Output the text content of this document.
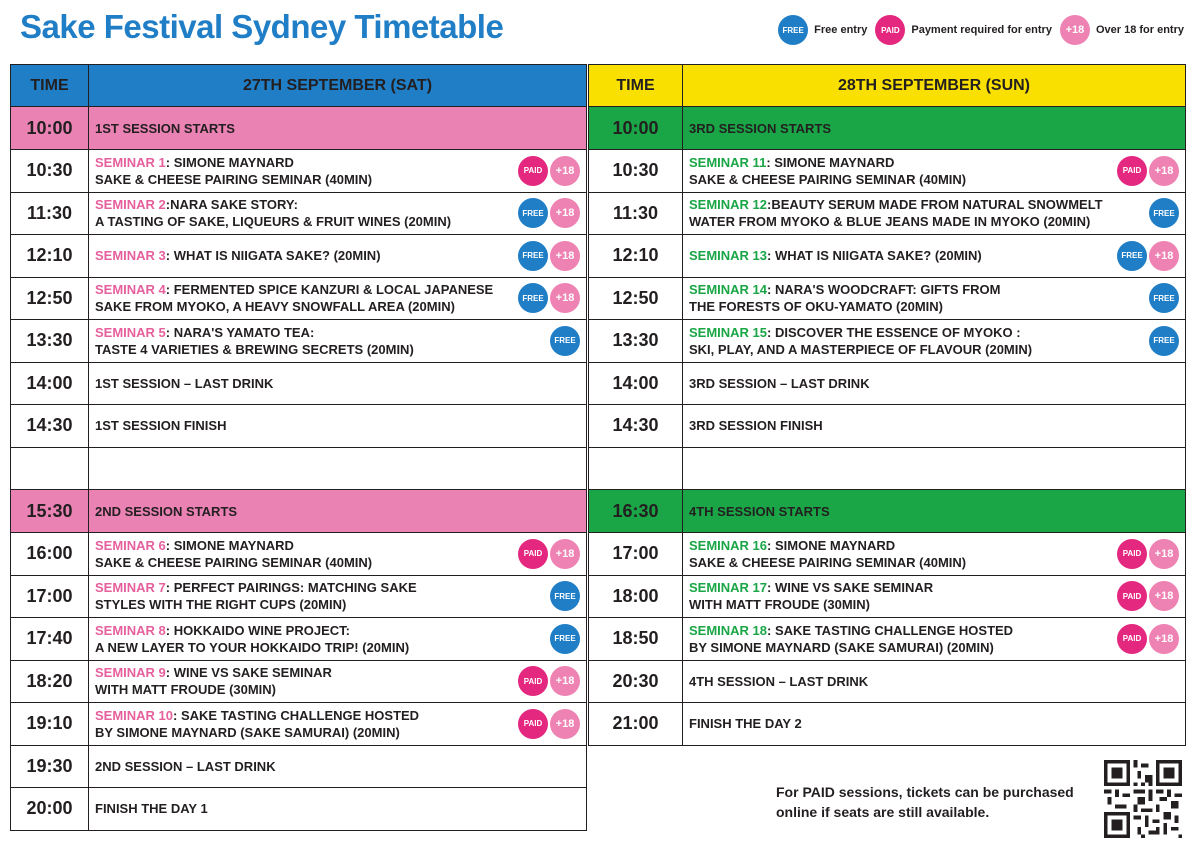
Sake Festival Sydney Timetable	FREE Free entry	PAID	Payment required for entry	+18	Over 18 for entry
TIME	27TH SEPTEMBER (SAT)
10:00	1ST SESSION STARTS
10:30	SEMINAR 1: SIMONE MAYNARD
SAKE & CHEESE PAIRING SEMINAR (40MIN)
PAID +18

11:30	SEMINAR 2:NARA SAKE STORY:
A TASTING OF SAKE, LIQUEURS & FRUIT WINES (20MIN)
FREE +18

12:10	SEMINAR 3: WHAT IS NIIGATA SAKE? (20MIN) FREE +18

12:50	SEMINAR 4: FERMENTED SPICE KANZURI & LOCAL JAPANESE
SAKE FROM MYOKO, A HEAVY SNOWFALL AREA (20MIN)
FREE +18

13:30	SEMINAR 5: NARA'S YAMATO TEA:
TASTE 4 VARIETIES & BREWING SECRETS (20MIN)
FREE

14:00	1ST SESSION – LAST DRINK
14:30	1ST SESSION FINISH

15:30	2ND SESSION STARTS
16:00	SEMINAR 6: SIMONE MAYNARD
SAKE & CHEESE PAIRING SEMINAR (40MIN)
PAID +18

17:00	SEMINAR 7: PERFECT PAIRINGS: MATCHING SAKE
STYLES WITH THE RIGHT CUPS (20MIN)
FREE

17:40	SEMINAR 8: HOKKAIDO WINE PROJECT:
A NEW LAYER TO YOUR HOKKAIDO TRIP! (20MIN)
FREE

18:20	SEMINAR 9: WINE VS SAKE SEMINAR
WITH MATT FROUDE (30MIN)
PAID +18

19:10	SEMINAR 10: SAKE TASTING CHALLENGE HOSTED
BY SIMONE MAYNARD (SAKE SAMURAI) (20MIN)
PAID +18

19:30	2ND SESSION – LAST DRINK
20:00	FINISH THE DAY 1
TIME	28TH SEPTEMBER (SUN)
10:00	3RD SESSION STARTS
10:30	SEMINAR 11: SIMONE MAYNARD
SAKE & CHEESE PAIRING SEMINAR (40MIN)
PAID +18

11:30	SEMINAR 12:BEAUTY SERUM MADE FROM NATURAL SNOWMELT
WATER FROM MYOKO & BLUE JEANS MADE IN MYOKO (20MIN)
FREE

12:10	SEMINAR 13: WHAT IS NIIGATA SAKE? (20MIN) FREE +18

12:50	SEMINAR 14: NARA'S WOODCRAFT: GIFTS FROM
THE FORESTS OF OKU-YAMATO (20MIN)
FREE

13:30	SEMINAR 15: DISCOVER THE ESSENCE OF MYOKO :
SKI, PLAY, AND A MASTERPIECE OF FLAVOUR (20MIN)
FREE

14:00	3RD SESSION – LAST DRINK
14:30	3RD SESSION FINISH

16:30	4TH SESSION STARTS
17:00	SEMINAR 16: SIMONE MAYNARD
SAKE & CHEESE PAIRING SEMINAR (40MIN)
PAID +18

18:00	SEMINAR 17: WINE VS SAKE SEMINAR
WITH MATT FROUDE (30MIN)
PAID +18

18:50	SEMINAR 18: SAKE TASTING CHALLENGE HOSTED
BY SIMONE MAYNARD (SAKE SAMURAI) (20MIN)
PAID +18

20:30	4TH SESSION – LAST DRINK
21:00	FINISH THE DAY 2
For PAID sessions, tickets can be purchased
online if seats are still available.
